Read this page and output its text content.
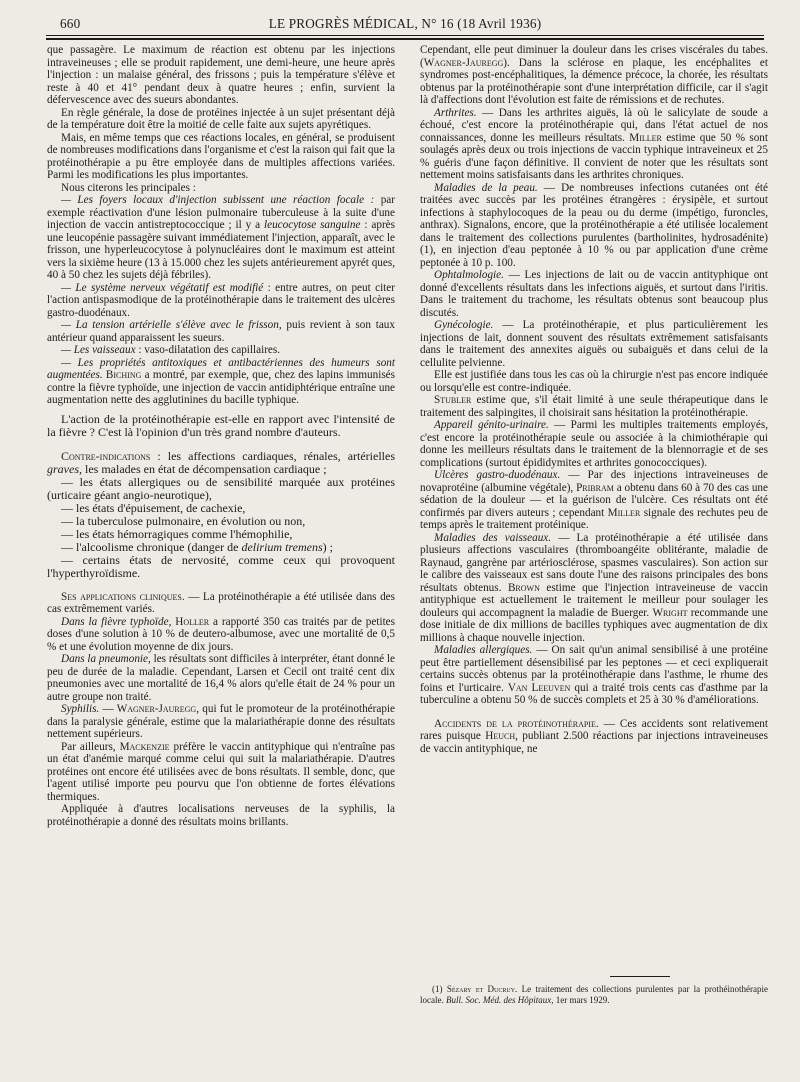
660	LE PROGRÈS MÉDICAL, N° 16 (18 Avril 1936)

que passagère. Le maximum de réaction est obtenu par les injections intraveineuses ; elle se produit rapidement, une demi-heure, une heure après l'injection : un malaise général, des frissons ; puis la température s'élève et reste à 40 et 41° pendant deux à quatre heures ; enfin, survient la défervescence avec des sueurs abondantes.

En règle générale, la dose de protéines injectée à un sujet présentant déjà de la température doit être la moitié de celle faite aux sujets apyrétiques.

Mais, en même temps que ces réactions locales, en général, se produisent de nombreuses modifications dans l'organisme et c'est la raison qui fait que la protéinothérapie a pu être employée dans de multiples affections variées. Parmi les modifications les plus importantes.

Nous citerons les principales :

— Les foyers locaux d'injection subissent une réaction focale : par exemple réactivation d'une lésion pulmonaire tuberculeuse à la suite d'une injection de vaccin antistreptococcique ; il y a leucocytose sanguine : après une leucopénie passagère suivant immédiatement l'injection, apparaît, avec le frisson, une hyperleucocytose à polynucléaires dont le maximum est atteint vers la sixième heure (13 à 15.000 chez les sujets antérieurement apyrét ques, 40 à 50 chez les sujets déjà fébriles).

— Le système nerveux végétatif est modifié : entre autres, on peut citer l'action antispasmodique de la protéinothérapie dans le traitement des ulcères gastro-duodénaux.

— La tension artérielle s'élève avec le frisson, puis revient à son taux antérieur quand apparaissent les sueurs.

— Les vaisseaux : vaso-dilatation des capillaires.

— Les propriétés antitoxiques et antibactériennes des humeurs sont augmentées. Biching a montré, par exemple, que, chez des lapins immunisés contre la fièvre typhoïde, une injection de vaccin antidiphtérique entraîne une augmentation nette des agglutinines du bacille typhique.

L'action de la protéinothérapie est-elle en rapport avec l'intensité de la fièvre ? C'est là l'opinion d'un très grand nombre d'auteurs.

Contre-indications : les affections cardiaques, rénales, artérielles graves, les malades en état de décompensation cardiaque ;

— les états allergiques ou de sensibilité marquée aux protéines (urticaire géant angio-neurotique),

— les états d'épuisement, de cachexie,

— la tuberculose pulmonaire, en évolution ou non,

— les états hémorragiques comme l'hémophilie,

— l'alcoolisme chronique (danger de delirium tremens) ;

— certains états de nervosité, comme ceux qui provoquent l'hyperthyroïdisme.

Ses applications cliniques. — La protéinothérapie a été utilisée dans des cas extrêmement variés.

Dans la fièvre typhoïde, Holler a rapporté 350 cas traités par de petites doses d'une solution à 10 % de deutero-albumose, avec une mortalité de 0,5 % et une évolution moyenne de dix jours.

Dans la pneumonie, les résultats sont difficiles à interpréter, étant donné le peu de durée de la maladie. Cependant, Larsen et Cecil ont traité cent dix pneumonies avec une mortalité de 16,4 % alors qu'elle était de 24 % pour un autre groupe non traité.

Syphilis. — Wagner-Jauregg, qui fut le promoteur de la protéinothérapie dans la paralysie générale, estime que la malariathérapie donne des résultats nettement supérieurs.

Par ailleurs, Mackenzie préfère le vaccin antityphique qui n'entraîne pas un état d'anémie marqué comme celui qui suit la malariathérapie. D'autres protéines ont encore été utilisées avec de bons résultats. Il semble, donc, que l'agent utilisé importe peu pourvu que l'on obtienne de fortes élévations thermiques.

Appliquée à d'autres localisations nerveuses de la syphilis, la protéinothérapie a donné des résultats moins brillants.

Cependant, elle peut diminuer la douleur dans les crises viscérales du tabes. (Wagner-Jauregg). Dans la sclérose en plaque, les encéphalites et syndromes post-encéphalitiques, la démence précoce, la chorée, les résultats obtenus par la protéinothérapie sont d'une interprétation difficile, car il s'agit là d'affections dont l'évolution est faite de rémissions et de rechutes.

Arthrites. — Dans les arthrites aiguës, là où le salicylate de soude a échoué, c'est encore la protéinothérapie qui, dans l'état actuel de nos connaissances, donne les meilleurs résultats. Miller estime que 50 % sont soulagés après deux ou trois injections de vaccin typhique intraveineux et 25 % guéris d'une façon définitive. Il convient de noter que les résultats sont nettement moins satisfaisants dans les arthrites chroniques.

Maladies de la peau. — De nombreuses infections cutanées ont été traitées avec succès par les protéines étrangères : érysipèle, et surtout infections à staphylocoques de la peau ou du derme (impétigo, furoncles, anthrax). Signalons, encore, que la protéinothérapie a été utilisée localement dans le traitement des collections purulentes (bartholinites, hydrosadénite) (1), en injection d'eau peptonée à 10 % ou par application d'une crème peptonée à 10 p. 100.

Ophtalmologie. — Les injections de lait ou de vaccin antityphique ont donné d'excellents résultats dans les infections aiguës, et surtout dans l'iritis. Dans le traitement du trachome, les résultats obtenus sont beaucoup plus discutés.

Gynécologie. — La protéinothérapie, et plus particulièrement les injections de lait, donnent souvent des résultats extrêmement satisfaisants dans le traitement des annexites aiguës ou subaiguës et dans celui de la cellulite pelvienne.

Elle est justifiée dans tous les cas où la chirurgie n'est pas encore indiquée ou lorsqu'elle est contre-indiquée.

Stubler estime que, s'il était limité à une seule thérapeutique dans le traitement des salpingites, il choisirait sans hésitation la protéinothérapie.

Appareil génito-urinaire. — Parmi les multiples traitements employés, c'est encore la protéinothérapie seule ou associée à la chimiothérapie qui donne les meilleurs résultats dans le traitement de la blennorragie et de ses complications (surtout épididymites et arthrites gonococciques).

Ulcères gastro-duodénaux. — Par des injections intraveineuses de novaprotéine (albumine végétale), Pribram a obtenu dans 60 à 70 des cas une sédation de la douleur — et la guérison de l'ulcère. Ces résultats ont été confirmés par divers auteurs ; cependant Miller signale des rechutes peu de temps après le traitement protéinique.

Maladies des vaisseaux. — La protéinothérapie a été utilisée dans plusieurs affections vasculaires (thromboangéite oblitérante, maladie de Raynaud, gangrène par artériosclérose, spasmes vasculaires). Son action sur le calibre des vaisseaux est sans doute l'une des raisons principales des bons résultats obtenus. Brown estime que l'injection intraveineuse de vaccin antityphique est actuellement le traitement le meilleur pour soulager les douleurs qui accompagnent la maladie de Buerger. Wright recommande une dose initiale de dix millions de bacilles typhiques avec augmentation de dix millions à chaque nouvelle injection.

Maladies allergiques. — On sait qu'un animal sensibilisé à une protéine peut être partiellement désensibilisé par les peptones — et ceci expliquerait certains succès obtenus par la protéinothérapie dans l'asthme, le rhume des foins et l'urticaire. Van Leeuven qui a traité trois cents cas d'asthme par la tuberculine a obtenu 50 % de succès complets et 25 à 30 % d'améliorations.

Accidents de la protéinothérapie. — Ces accidents sont relativement rares puisque Heuch, publiant 2.500 réactions par injections intraveineuses de vaccin antityphique, ne

(1) Sézary et Ducruy. Le traitement des collections purulentes par la prothéinothérapie locale. Bull. Soc. Méd. des Hôpitaux, 1er mars 1929.
